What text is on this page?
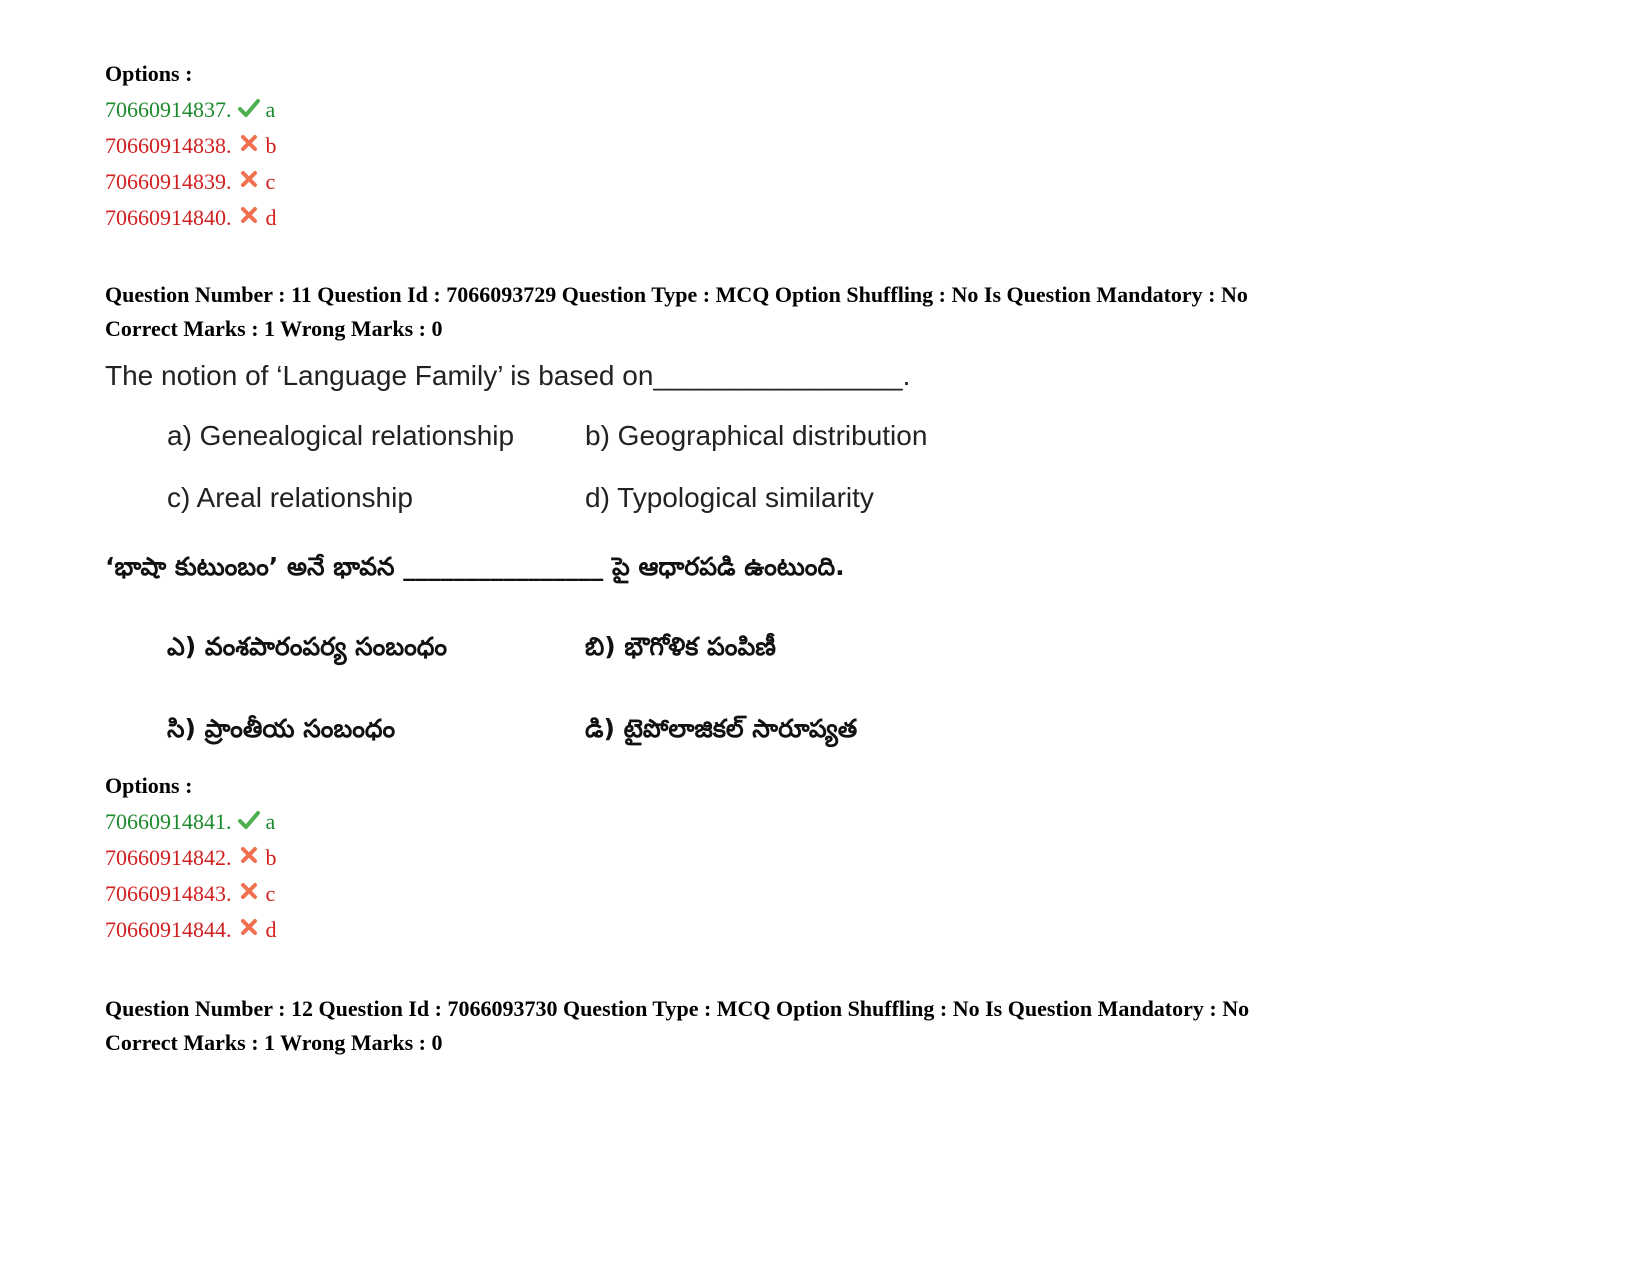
Options :
70660914837. a
70660914838. b
70660914839. c
70660914840. d
Question Number : 11 Question Id : 7066093729 Question Type : MCQ Option Shuffling : No Is Question Mandatory : No
Correct Marks : 1 Wrong Marks : 0
The notion of ‘Language Family’ is based on________________.
a) Genealogical relationship	b) Geographical distribution
c) Areal relationship	d) Typological similarity
‘భాషా కుటుంబం’ అనే భావన ________________ పై ఆధారపడి ఉంటుంది.
ఎ) వంశపారంపర్య సంబంధం	బి) భౌగోళిక పంపిణీ
సి) ప్రాంతీయ సంబంధం	డి) టైపోలాజికల్ సారూప్యత
Options :
70660914841. a
70660914842. b
70660914843. c
70660914844. d
Question Number : 12 Question Id : 7066093730 Question Type : MCQ Option Shuffling : No Is Question Mandatory : No
Correct Marks : 1 Wrong Marks : 0
